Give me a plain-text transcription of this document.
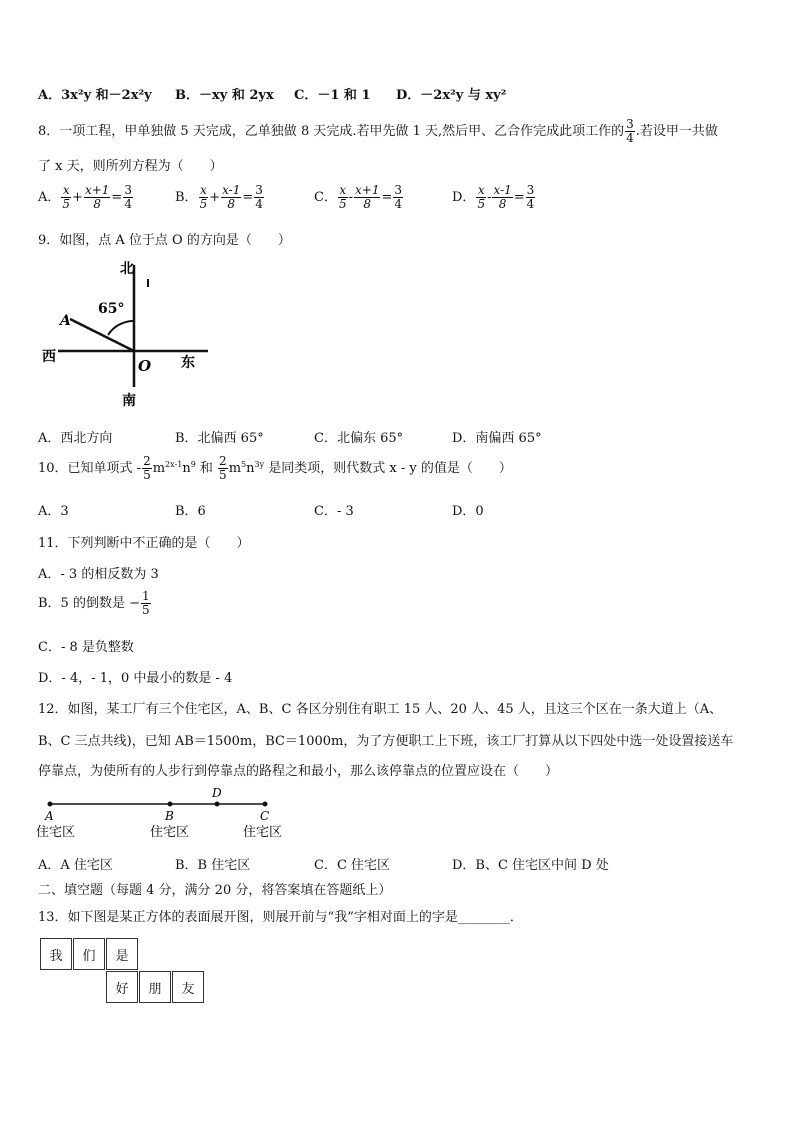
A．3x²y 和－2x²y B．－xy 和 2yx C．－1 和 1 D．－2x²y 与 xy²
8．一项工程，甲单独做 5 天完成，乙单独做 8 天完成.若甲先做 1 天,然后甲、乙合作完成此项工作的 $\frac{3}{4}$ .若设甲一共做
了 x 天，则所列方程为（　　）
A． $\frac{x}{5} + \frac{x+1}{8} = \frac{3}{4}$	B． $\frac{x}{5} + \frac{x-1}{8} = \frac{3}{4}$	C． $\frac{x}{5} - \frac{x+1}{8} = \frac{3}{4}$	D． $\frac{x}{5} - \frac{x-1}{8} = \frac{3}{4}$
9．如图，点 A 位于点 O 的方向是（　　）
北
南
东
西
65°
A
O
A．西北方向	B．北偏西 65°	C．北偏东 65°	D．南偏西 65°
10．已知单项式 - $\frac{2}{5} m^{2x-1}n^9$ 和 $\frac{2}{5} m^5n^{3y}$ 是同类项，则代数式 x - y 的值是（　　）
A．3	B．6	C．- 3	D．0
11．下列判断中不正确的是（　　）
A．- 3 的相反数为 3
B．5 的倒数是 − $\frac{1}{5}$
C．- 8 是负整数
D．- 4，- 1，0 中最小的数是 - 4
12．如图，某工厂有三个住宅区，A、B、C 各区分别住有职工 15 人、20 人、45 人，且这三个区在一条大道上（A、
B、C 三点共线)，已知 AB＝1500m，BC＝1000m，为了方便职工上下班，该工厂打算从以下四处中选一处设置接送车
停靠点，为使所有的人步行到停靠点的路程之和最小，那么该停靠点的位置应设在（　　）
A	B
D
C
住宅区	住宅区	住宅区
A．A 住宅区	B．B 住宅区	C．C 住宅区	D．B、C 住宅区中间 D 处
二、填空题（每题 4 分，满分 20 分，将答案填在答题纸上）
13．如下图是某正方体的表面展开图，则展开前与“我”字相对面上的字是________．
我	们	是
好	朋	友
